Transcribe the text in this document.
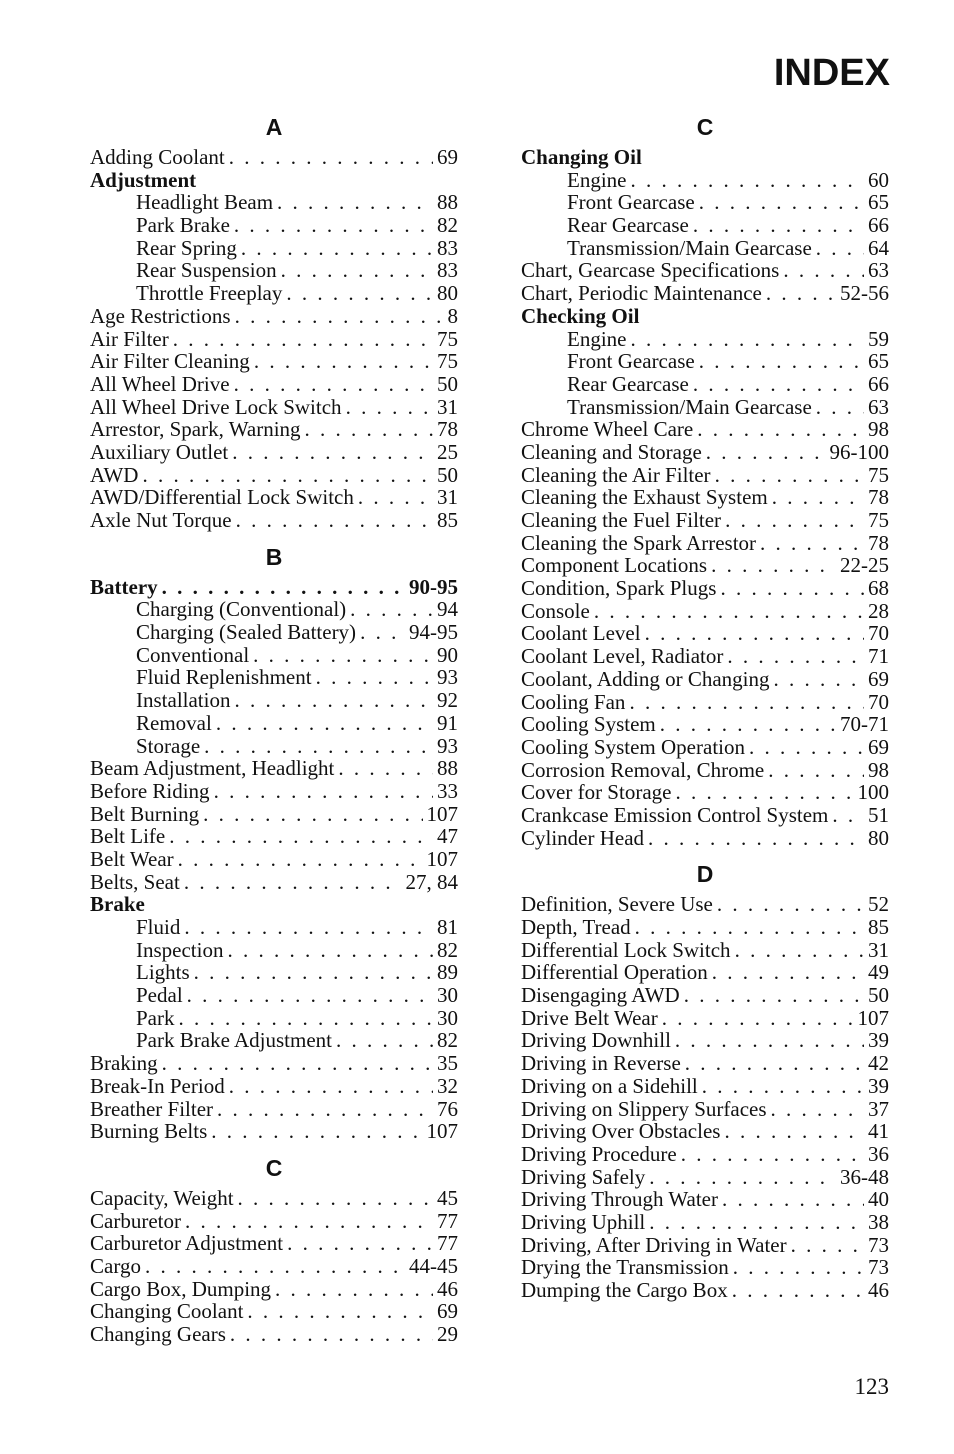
INDEX
A
Adding Coolant . . .	69
Adjustment
Headlight Beam . . .	88
Park Brake . . .	82
Rear Spring . . .	83
Rear Suspension . . .	83
Throttle Freeplay . . .	80
Age Restrictions . . .	8
Air Filter . . .	75
Air Filter Cleaning . . .	75
All Wheel Drive . . .	50
All Wheel Drive Lock Switch . . .	31
Arrestor, Spark, Warning . . .	78
Auxiliary Outlet . . .	25
AWD . . .	50
AWD/Differential Lock Switch . . .	31
Axle Nut Torque . . .	85
B
Battery . . .	90-95
Charging (Conventional) . . .	94
Charging (Sealed Battery) . . .	94-95
Conventional . . .	90
Fluid Replenishment . . .	93
Installation . . .	92
Removal . . .	91
Storage . . .	93
Beam Adjustment, Headlight . . .	88
Before Riding . . .	33
Belt Burning . . .	107
Belt Life . . .	47
Belt Wear . . .	107
Belts, Seat . . .	27, 84
Brake
Fluid . . .	81
Inspection . . .	82
Lights . . .	89
Pedal . . .	30
Park . . .	30
Park Brake Adjustment . . .	82
Braking . . .	35
Break-In Period . . .	32
Breather Filter . . .	76
Burning Belts . . .	107
C
Capacity, Weight . . .	45
Carburetor . . .	77
Carburetor Adjustment . . .	77
Cargo . . .	44-45
Cargo Box, Dumping . . .	46
Changing Coolant . . .	69
Changing Gears . . .	29
C
Changing Oil
Engine . . .	60
Front Gearcase . . .	65
Rear Gearcase . . .	66
Transmission/Main Gearcase . . .	64
Chart, Gearcase Specifications . . .	63
Chart, Periodic Maintenance . . .	52-56
Checking Oil
Engine . . .	59
Front Gearcase . . .	65
Rear Gearcase . . .	66
Transmission/Main Gearcase . . .	63
Chrome Wheel Care . . .	98
Cleaning and Storage . . .	96-100
Cleaning the Air Filter . . .	75
Cleaning the Exhaust System . . .	78
Cleaning the Fuel Filter . . .	75
Cleaning the Spark Arrestor . . .	78
Component Locations . . .	22-25
Condition, Spark Plugs . . .	68
Console . . .	28
Coolant Level . . .	70
Coolant Level, Radiator . . .	71
Coolant, Adding or Changing . . .	69
Cooling Fan . . .	70
Cooling System . . .	70-71
Cooling System Operation . . .	69
Corrosion Removal, Chrome . . .	98
Cover for Storage . . .	100
Crankcase Emission Control System . . . 51
Cylinder Head . . .	80
D
Definition, Severe Use . . .	52
Depth, Tread . . .	85
Differential Lock Switch . . .	31
Differential Operation . . .	49
Disengaging AWD . . .	50
Drive Belt Wear . . .	107
Driving Downhill . . .	39
Driving in Reverse . . .	42
Driving on a Sidehill . . .	39
Driving on Slippery Surfaces . . .	37
Driving Over Obstacles . . .	41
Driving Procedure . . .	36
Driving Safely . . .	36-48
Driving Through Water . . .	40
Driving Uphill . . .	38
Driving, After Driving in Water . . .	73
Drying the Transmission . . .	73
Dumping the Cargo Box . . .	46
123
